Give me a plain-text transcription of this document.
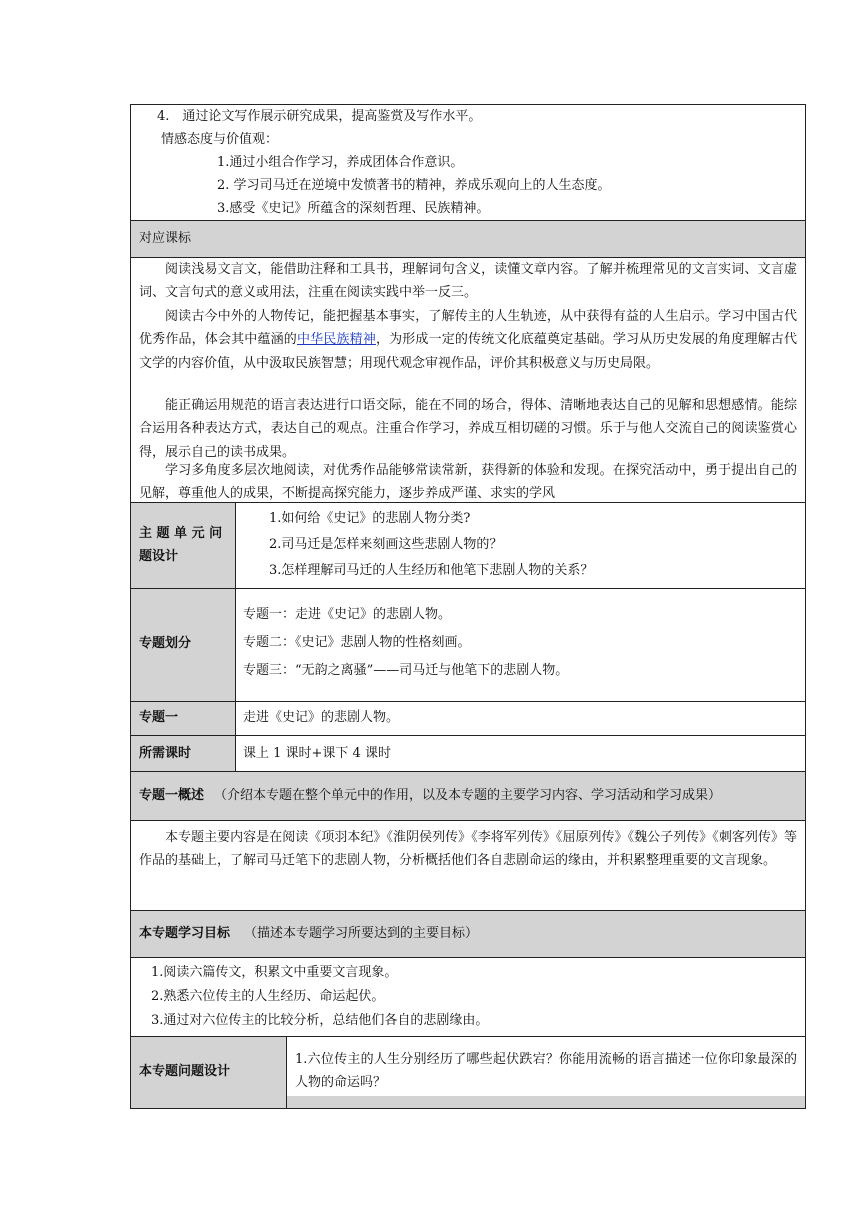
4.　通过论文写作展示研究成果，提高鉴赏及写作水平。
情感态度与价值观：
1.通过小组合作学习，养成团体合作意识。
2. 学习司马迁在逆境中发愤著书的精神，养成乐观向上的人生态度。
3.感受《史记》所蕴含的深刻哲理、民族精神。
对应课标
阅读浅易文言文，能借助注释和工具书，理解词句含义，读懂文章内容。了解并梳理常见的文言实词、文言虚词、文言句式的意义或用法，注重在阅读实践中举一反三。
阅读古今中外的人物传记，能把握基本事实，了解传主的人生轨迹，从中获得有益的人生启示。学习中国古代优秀作品，体会其中蕴涵的中华民族精神，为形成一定的传统文化底蕴奠定基础。学习从历史发展的角度理解古代文学的内容价值，从中汲取民族智慧；用现代观念审视作品，评价其积极意义与历史局限。
能正确运用规范的语言表达进行口语交际，能在不同的场合，得体、清晰地表达自己的见解和思想感情。能综合运用各种表达方式，表达自己的观点。注重合作学习，养成互相切磋的习惯。乐于与他人交流自己的阅读鉴赏心得，展示自己的读书成果。
学习多角度多层次地阅读，对优秀作品能够常读常新，获得新的体验和发现。在探究活动中，勇于提出自己的见解，尊重他人的成果，不断提高探究能力，逐步养成严谨、求实的学风
主 题 单 元 问
题设计
1.如何给《史记》的悲剧人物分类?
2.司马迁是怎样来刻画这些悲剧人物的？
3.怎样理解司马迁的人生经历和他笔下悲剧人物的关系？
专题划分
专题一：走进《史记》的悲剧人物。
专题二：《史记》悲剧人物的性格刻画。
专题三：“无韵之离骚”——司马迁与他笔下的悲剧人物。
专题一	走进《史记》的悲剧人物。
所需课时	课上 1 课时+课下 4 课时
专题一概述 （介绍本专题在整个单元中的作用，以及本专题的主要学习内容、学习活动和学习成果）
本专题主要内容是在阅读《项羽本纪》《淮阴侯列传》《李将军列传》《屈原列传》《魏公子列传》《刺客列传》等作品的基础上，了解司马迁笔下的悲剧人物，分析概括他们各自悲剧命运的缘由，并积累整理重要的文言现象。
本专题学习目标 （描述本专题学习所要达到的主要目标）
1.阅读六篇传文，积累文中重要文言现象。
2.熟悉六位传主的人生经历、命运起伏。
3.通过对六位传主的比较分析，总结他们各自的悲剧缘由。
本专题问题设计
1.六位传主的人生分别经历了哪些起伏跌宕？你能用流畅的语言描述一位你印象最深的人物的命运吗？
